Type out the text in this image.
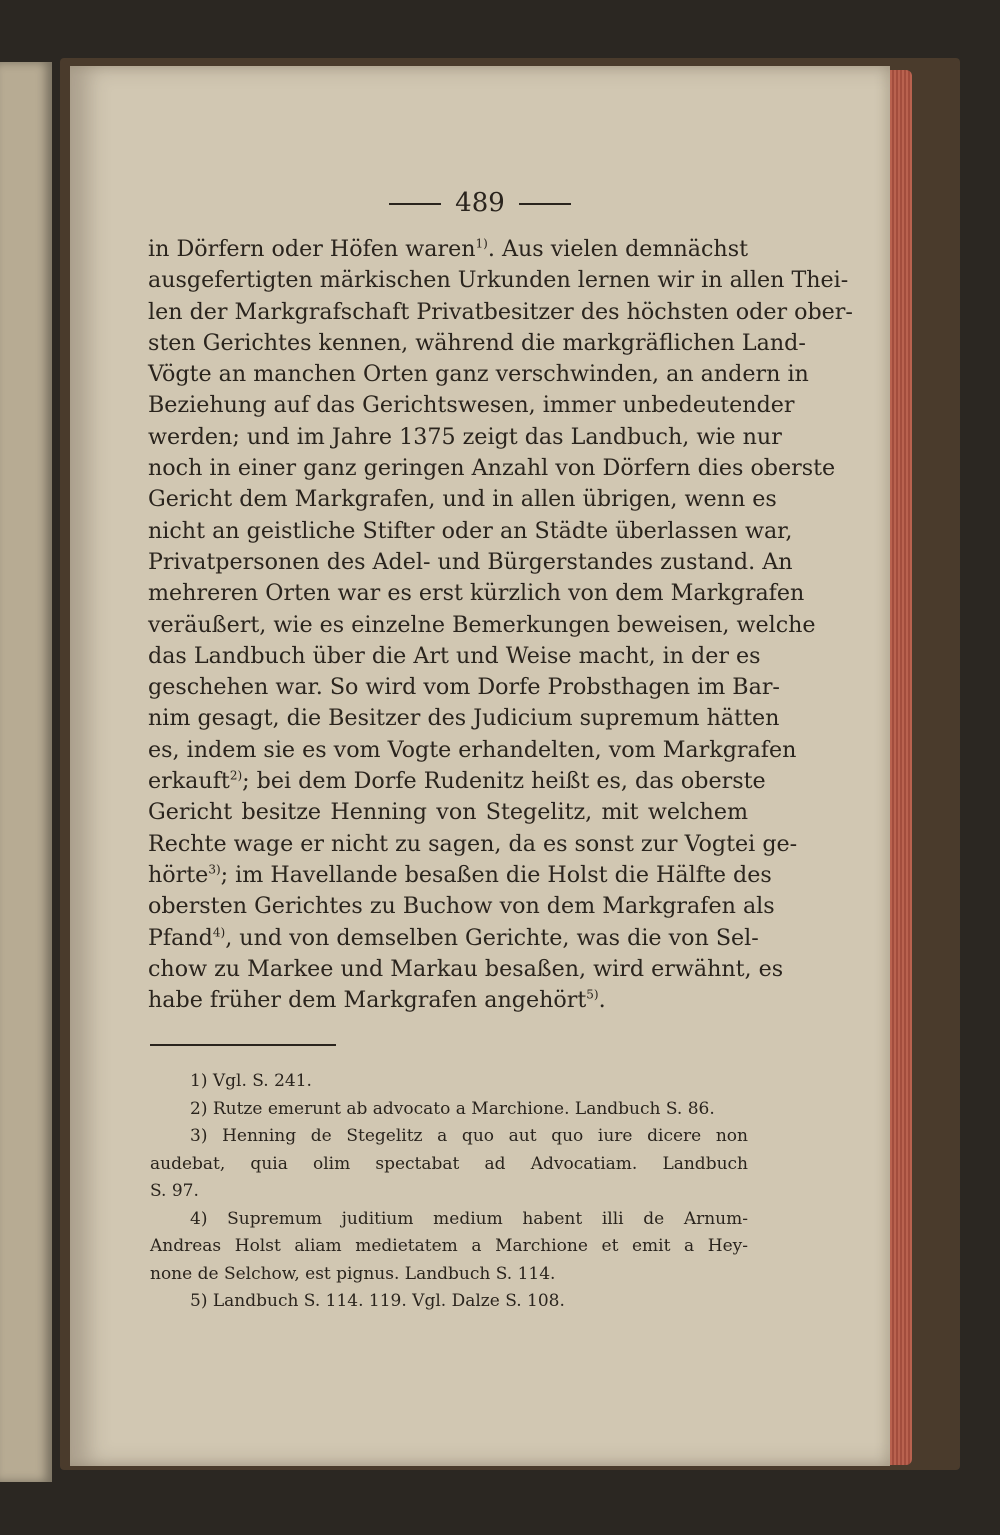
489
in Dörfern oder Höfen waren$^{1)}$. Aus vielen demnächst
ausgefertigten märkischen Urkunden lernen wir in allen Thei-
len der Markgrafschaft Privatbesitzer des höchsten oder ober-
sten Gerichtes kennen, während die markgräflichen Land-
Vögte an manchen Orten ganz verschwinden, an andern in
Beziehung auf das Gerichtswesen, immer unbedeutender
werden; und im Jahre 1375 zeigt das Landbuch, wie nur
noch in einer ganz geringen Anzahl von Dörfern dies oberste
Gericht dem Markgrafen, und in allen übrigen, wenn es
nicht an geistliche Stifter oder an Städte überlassen war,
Privatpersonen des Adel- und Bürgerstandes zustand. An
mehreren Orten war es erst kürzlich von dem Markgrafen
veräußert, wie es einzelne Bemerkungen beweisen, welche
das Landbuch über die Art und Weise macht, in der es
geschehen war. So wird vom Dorfe Probsthagen im Bar-
nim gesagt, die Besitzer des Judicium supremum hätten
es, indem sie es vom Vogte erhandelten, vom Markgrafen
erkauft$^{2)}$; bei dem Dorfe Rudenitz heißt es, das oberste
Gericht besitze Henning von Stegelitz, mit welchem
Rechte wage er nicht zu sagen, da es sonst zur Vogtei ge-
hörte$^{3)}$; im Havellande besaßen die Holst die Hälfte des
obersten Gerichtes zu Buchow von dem Markgrafen als
Pfand$^{4)}$, und von demselben Gerichte, was die von Sel-
chow zu Markee und Markau besaßen, wird erwähnt, es
habe früher dem Markgrafen angehört$^{5)}$.
1) Vgl. S. 241.
2) Rutze emerunt ab advocato a Marchione. Landbuch S. 86.
3) Henning de Stegelitz a quo aut quo iure dicere non
audebat, quia olim spectabat ad Advocatiam. Landbuch
S. 97.
4) Supremum juditium medium habent illi de Arnum-
Andreas Holst aliam medietatem a Marchione et emit a Hey-
none de Selchow, est pignus. Landbuch S. 114.
5) Landbuch S. 114. 119. Vgl. Dalze S. 108.
